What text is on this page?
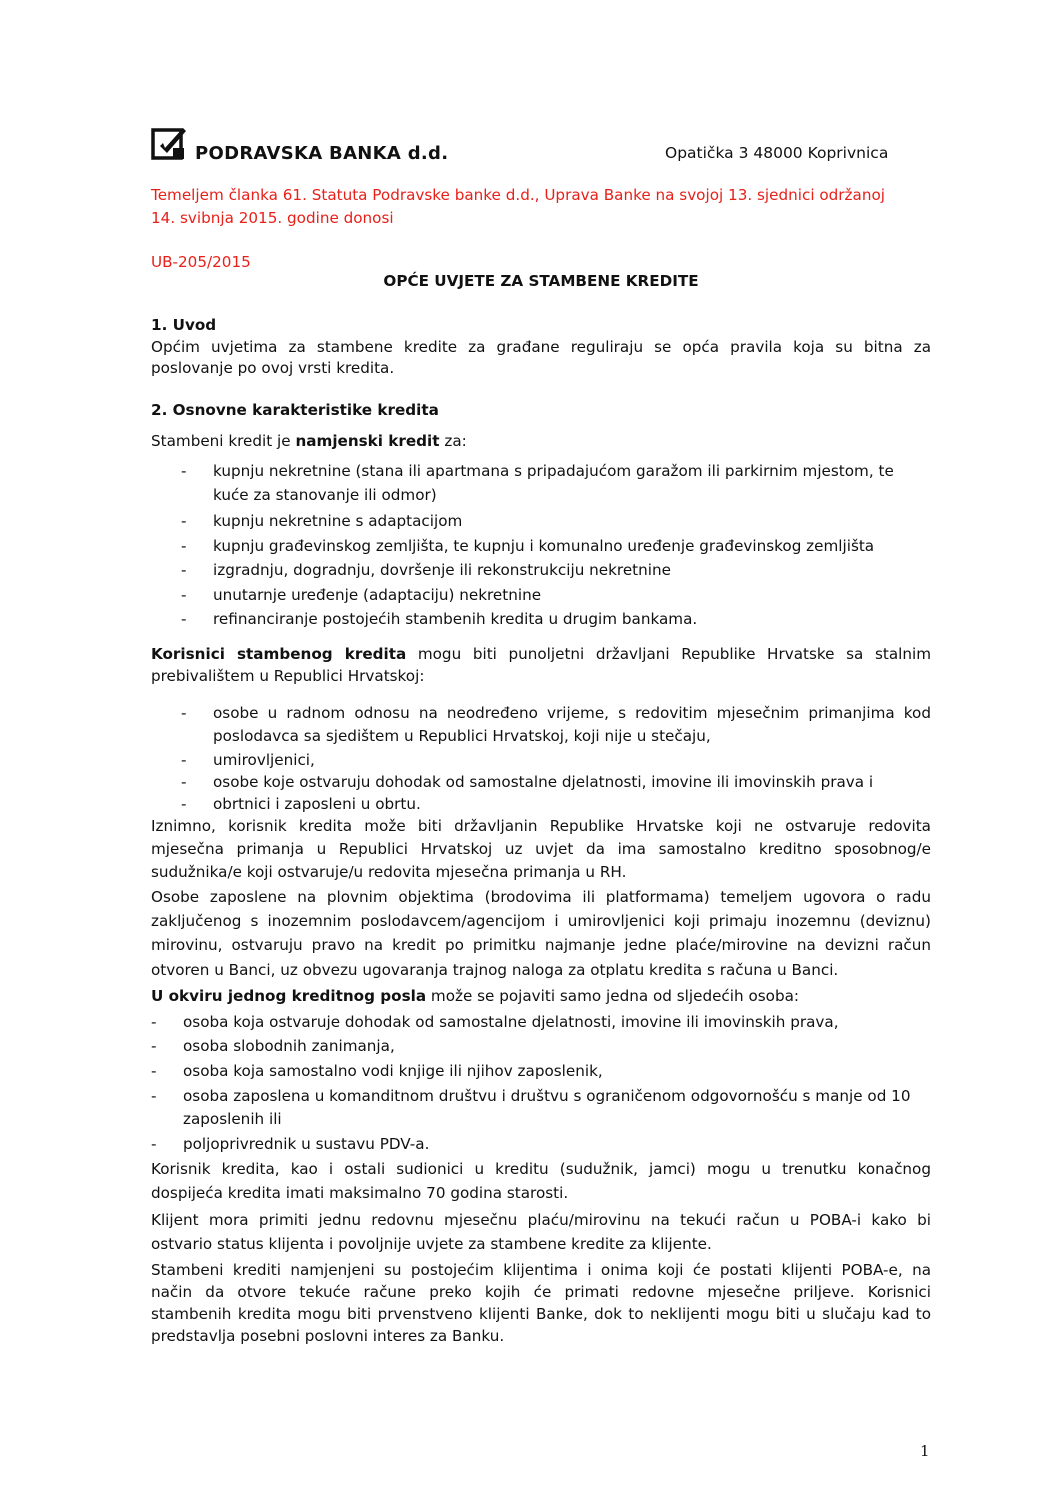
PODRAVSKA BANKA d.d.	Opatička 3 48000 Koprivnica
Temeljem članka 61. Statuta Podravske banke d.d., Uprava Banke na svojoj 13. sjednici održanoj
14. svibnja 2015. godine donosi
UB-205/2015
OPĆE UVJETE ZA STAMBENE KREDITE
1. Uvod
Općim uvjetima za stambene kredite za građane reguliraju se opća pravila koja su bitna za
poslovanje po ovoj vrsti kredita.
2. Osnovne karakteristike kredita
Stambeni kredit je namjenski kredit za:
- kupnju nekretnine (stana ili apartmana s pripadajućom garažom ili parkirnim mjestom, te
kuće za stanovanje ili odmor)
- kupnju nekretnine s adaptacijom
- kupnju građevinskog zemljišta, te kupnju i komunalno uređenje građevinskog zemljišta
- izgradnju, dogradnju, dovršenje ili rekonstrukciju nekretnine
- unutarnje uređenje (adaptaciju) nekretnine
- refinanciranje postojećih stambenih kredita u drugim bankama.
Korisnici stambenog kredita mogu biti punoljetni državljani Republike Hrvatske sa stalnim
prebivalištem u Republici Hrvatskoj:
- osobe u radnom odnosu na neodređeno vrijeme, s redovitim mjesečnim primanjima kod
poslodavca sa sjedištem u Republici Hrvatskoj, koji nije u stečaju,
- umirovljenici,
- osobe koje ostvaruju dohodak od samostalne djelatnosti, imovine ili imovinskih prava i
- obrtnici i zaposleni u obrtu.
Iznimno, korisnik kredita može biti državljanin Republike Hrvatske koji ne ostvaruje redovita
mjesečna primanja u Republici Hrvatskoj uz uvjet da ima samostalno kreditno sposobnog/e
sudužnika/e koji ostvaruje/u redovita mjesečna primanja u RH.
Osobe zaposlene na plovnim objektima (brodovima ili platformama) temeljem ugovora o radu
zaključenog s inozemnim poslodavcem/agencijom i umirovljenici koji primaju inozemnu (deviznu)
mirovinu, ostvaruju pravo na kredit po primitku najmanje jedne plaće/mirovine na devizni račun
otvoren u Banci, uz obvezu ugovaranja trajnog naloga za otplatu kredita s računa u Banci.
U okviru jednog kreditnog posla može se pojaviti samo jedna od sljedećih osoba:
- osoba koja ostvaruje dohodak od samostalne djelatnosti, imovine ili imovinskih prava,
- osoba slobodnih zanimanja,
- osoba koja samostalno vodi knjige ili njihov zaposlenik,
- osoba zaposlena u komanditnom društvu i društvu s ograničenom odgovornošću s manje od 10
zaposlenih ili
- poljoprivrednik u sustavu PDV-a.
Korisnik kredita, kao i ostali sudionici u kreditu (sudužnik, jamci) mogu u trenutku konačnog
dospijeća kredita imati maksimalno 70 godina starosti.
Klijent mora primiti jednu redovnu mjesečnu plaću/mirovinu na tekući račun u POBA-i kako bi
ostvario status klijenta i povoljnije uvjete za stambene kredite za klijente.
Stambeni krediti namjenjeni su postojećim klijentima i onima koji će postati klijenti POBA-e, na
način da otvore tekuće račune preko kojih će primati redovne mjesečne priljeve. Korisnici
stambenih kredita mogu biti prvenstveno klijenti Banke, dok to neklijenti mogu biti u slučaju kad to
predstavlja posebni poslovni interes za Banku.
1
